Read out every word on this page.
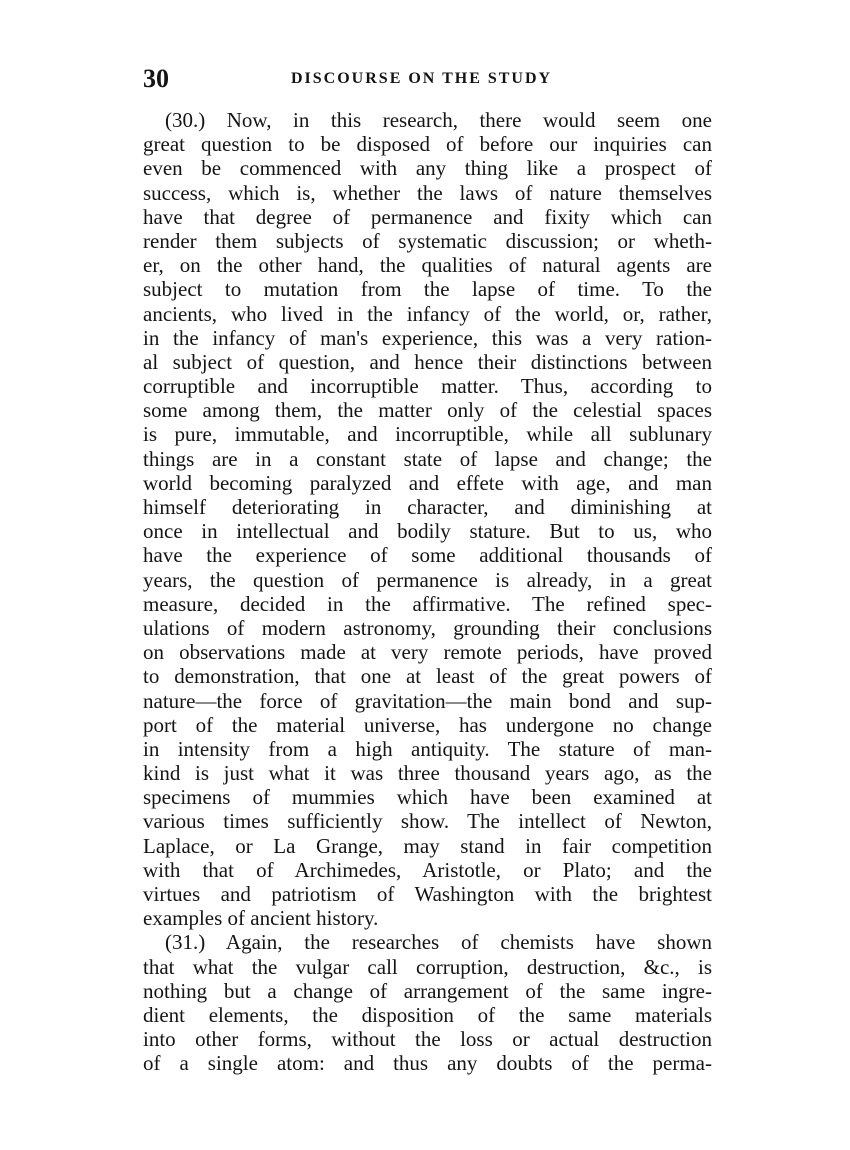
30	DISCOURSE ON THE STUDY
(30.) Now, in this research, there would seem one
great question to be disposed of before our inquiries can
even be commenced with any thing like a prospect of
success, which is, whether the laws of nature themselves
have that degree of permanence and fixity which can
render them subjects of systematic discussion; or wheth-
er, on the other hand, the qualities of natural agents are
subject to mutation from the lapse of time. To the
ancients, who lived in the infancy of the world, or, rather,
in the infancy of man's experience, this was a very ration-
al subject of question, and hence their distinctions between
corruptible and incorruptible matter. Thus, according to
some among them, the matter only of the celestial spaces
is pure, immutable, and incorruptible, while all sublunary
things are in a constant state of lapse and change; the
world becoming paralyzed and effete with age, and man
himself deteriorating in character, and diminishing at
once in intellectual and bodily stature. But to us, who
have the experience of some additional thousands of
years, the question of permanence is already, in a great
measure, decided in the affirmative. The refined spec-
ulations of modern astronomy, grounding their conclusions
on observations made at very remote periods, have proved
to demonstration, that one at least of the great powers of
nature—the force of gravitation—the main bond and sup-
port of the material universe, has undergone no change
in intensity from a high antiquity. The stature of man-
kind is just what it was three thousand years ago, as the
specimens of mummies which have been examined at
various times sufficiently show. The intellect of Newton,
Laplace, or La Grange, may stand in fair competition
with that of Archimedes, Aristotle, or Plato; and the
virtues and patriotism of Washington with the brightest
examples of ancient history.
(31.) Again, the researches of chemists have shown
that what the vulgar call corruption, destruction, &c., is
nothing but a change of arrangement of the same ingre-
dient elements, the disposition of the same materials
into other forms, without the loss or actual destruction
of a single atom: and thus any doubts of the perma-
